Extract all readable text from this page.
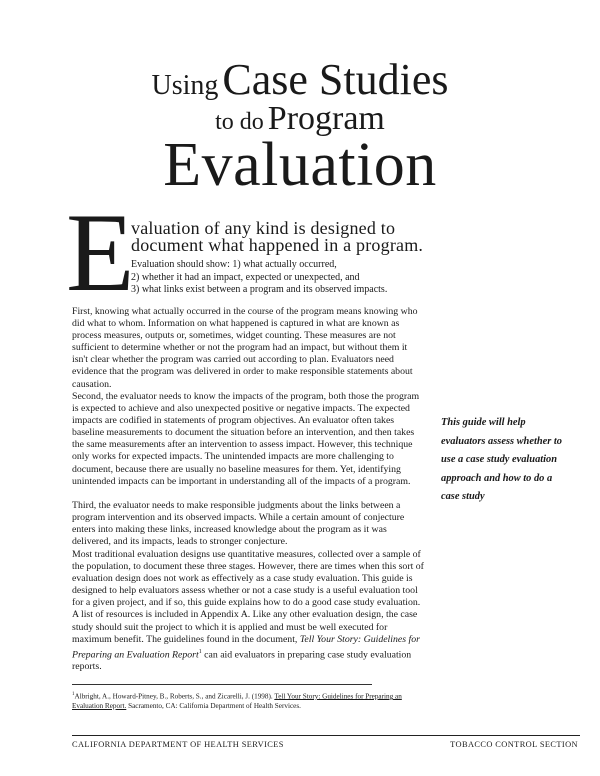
Using Case Studies
to do Program
Evaluation
E
valuation of any kind is designed to
document what happened in a program.
Evaluation should show: 1) what actually occurred,
2) whether it had an impact, expected or unexpected, and
3) what links exist between a program and its observed impacts.
First, knowing what actually occurred in the course of the program means knowing who did what to whom. Information on what happened is captured in what are known as process measures, outputs or, sometimes, widget counting. These measures are not sufficient to determine whether or not the program had an impact, but without them it isn't clear whether the program was carried out according to plan. Evaluators need evidence that the program was delivered in order to make responsible statements about causation.
Second, the evaluator needs to know the impacts of the program, both those the program is expected to achieve and also unexpected positive or negative impacts. The expected impacts are codified in statements of program objectives. An evaluator often takes baseline measurements to document the situation before an intervention, and then takes the same measurements after an intervention to assess impact. However, this technique only works for expected impacts. The unintended impacts are more challenging to document, because there are usually no baseline measures for them. Yet, identifying unintended impacts can be important in understanding all of the impacts of a program.
Third, the evaluator needs to make responsible judgments about the links between a program intervention and its observed impacts. While a certain amount of conjecture enters into making these links, increased knowledge about the program as it was delivered, and its impacts, leads to stronger conjecture.
Most traditional evaluation designs use quantitative measures, collected over a sample of the population, to document these three stages. However, there are times when this sort of evaluation design does not work as effectively as a case study evaluation. This guide is designed to help evaluators assess whether or not a case study is a useful evaluation tool for a given project, and if so, this guide explains how to do a good case study evaluation. A list of resources is included in Appendix A. Like any other evaluation design, the case study should suit the project to which it is applied and must be well executed for maximum benefit. The guidelines found in the document, Tell Your Story: Guidelines for Preparing an Evaluation Report$^1$ can aid evaluators in preparing case study evaluation reports.
This guide will help evaluators assess whether to use a case study evaluation approach and how to do a case study
$^1$Albright, A., Howard-Pitney, B., Roberts, S., and Zicarelli, J. (1998). Tell Your Story: Guidelines for Preparing an Evaluation Report. Sacramento, CA: California Department of Health Services.
CALIFORNIA DEPARTMENT OF HEALTH SERVICES	TOBACCO CONTROL SECTION
